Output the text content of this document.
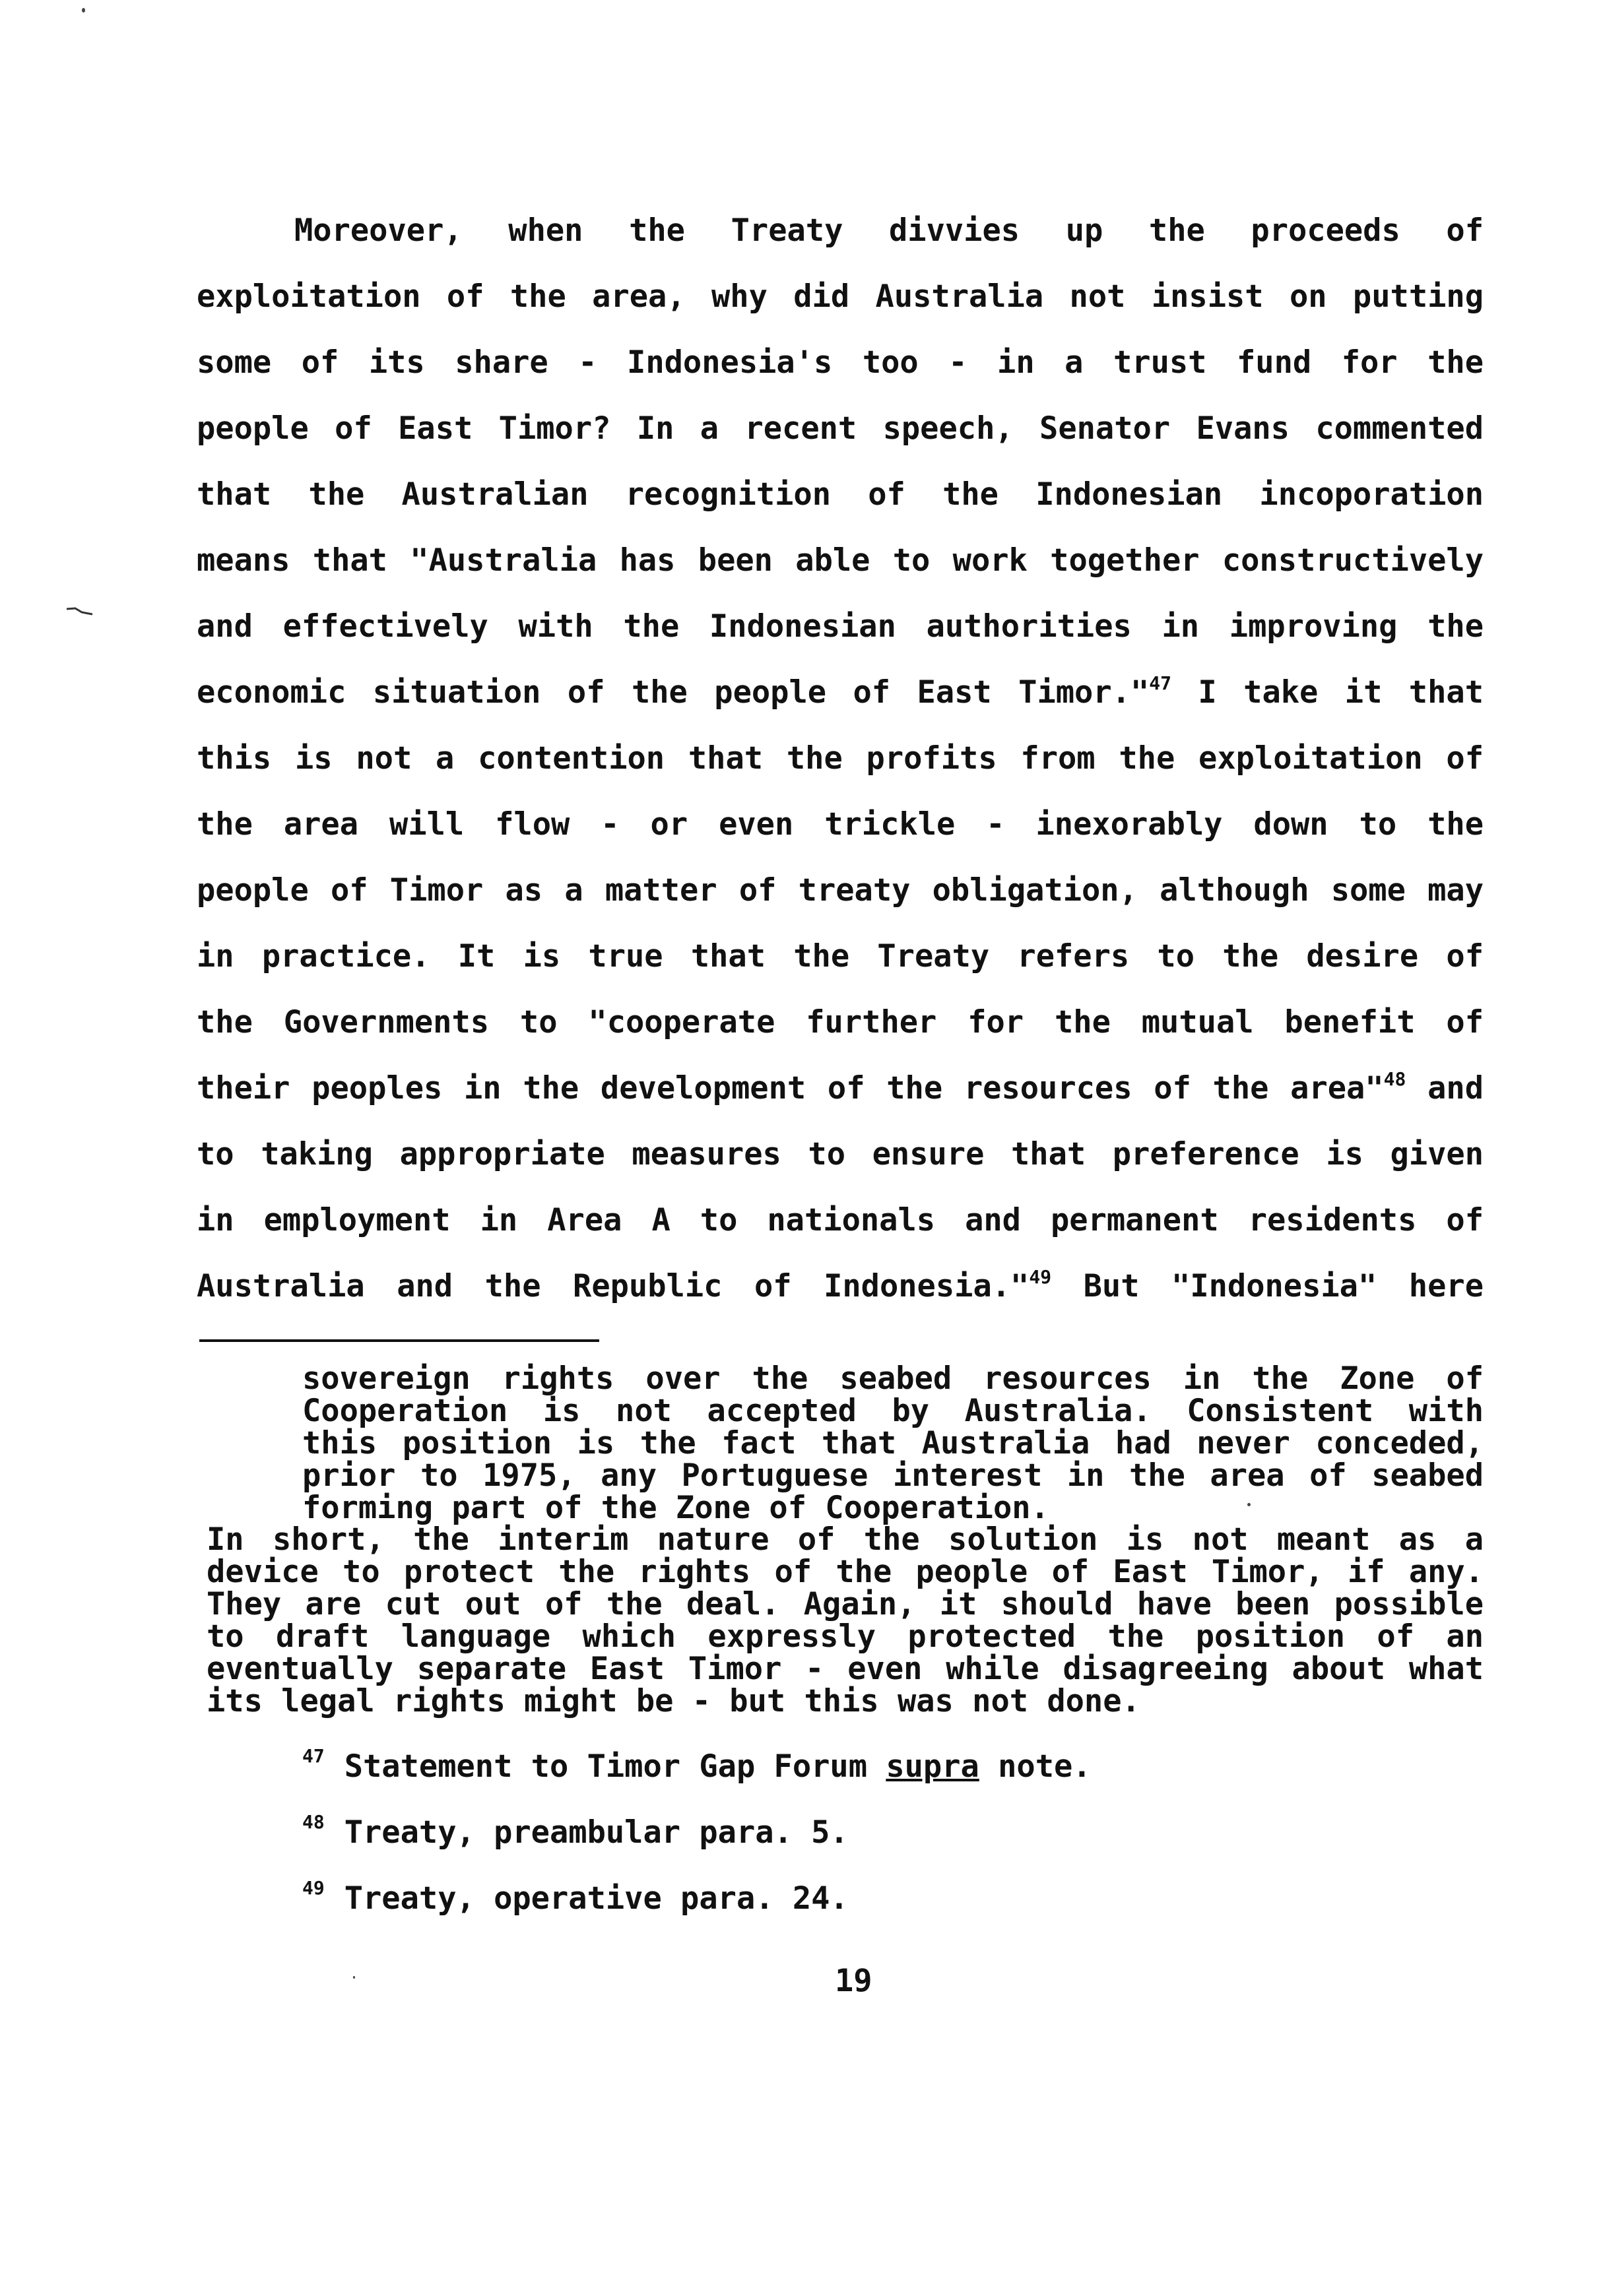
Moreover, when the Treaty divvies up the proceeds of
exploitation of the area, why did Australia not insist on putting
some of its share - Indonesia's too - in a trust fund for the
people of East Timor? In a recent speech, Senator Evans commented
that the Australian recognition of the Indonesian incoporation
means that "Australia has been able to work together constructively
and effectively with the Indonesian authorities in improving the
economic situation of the people of East Timor."$^{47}$ I take it that
this is not a contention that the profits from the exploitation of
the area will flow - or even trickle - inexorably down to the
people of Timor as a matter of treaty obligation, although some may
in practice. It is true that the Treaty refers to the desire of
the Governments to "cooperate further for the mutual benefit of
their peoples in the development of the resources of the area"$^{48}$ and
to taking appropriate measures to ensure that preference is given
in employment in Area A to nationals and permanent residents of
Australia and the Republic of Indonesia."$^{49}$ But "Indonesia" here
sovereign rights over the seabed resources in the Zone of
Cooperation is not accepted by Australia. Consistent with
this position is the fact that Australia had never conceded,
prior to 1975, any Portuguese interest in the area of seabed
forming part of the Zone of Cooperation.
In short, the interim nature of the solution is not meant as a
device to protect the rights of the people of East Timor, if any.
They are cut out of the deal. Again, it should have been possible
to draft language which expressly protected the position of an
eventually separate East Timor - even while disagreeing about what
its legal rights might be - but this was not done.
$^{47}$ Statement to Timor Gap Forum supra note.
$^{48}$ Treaty, preambular para. 5.
$^{49}$ Treaty, operative para. 24.
19
